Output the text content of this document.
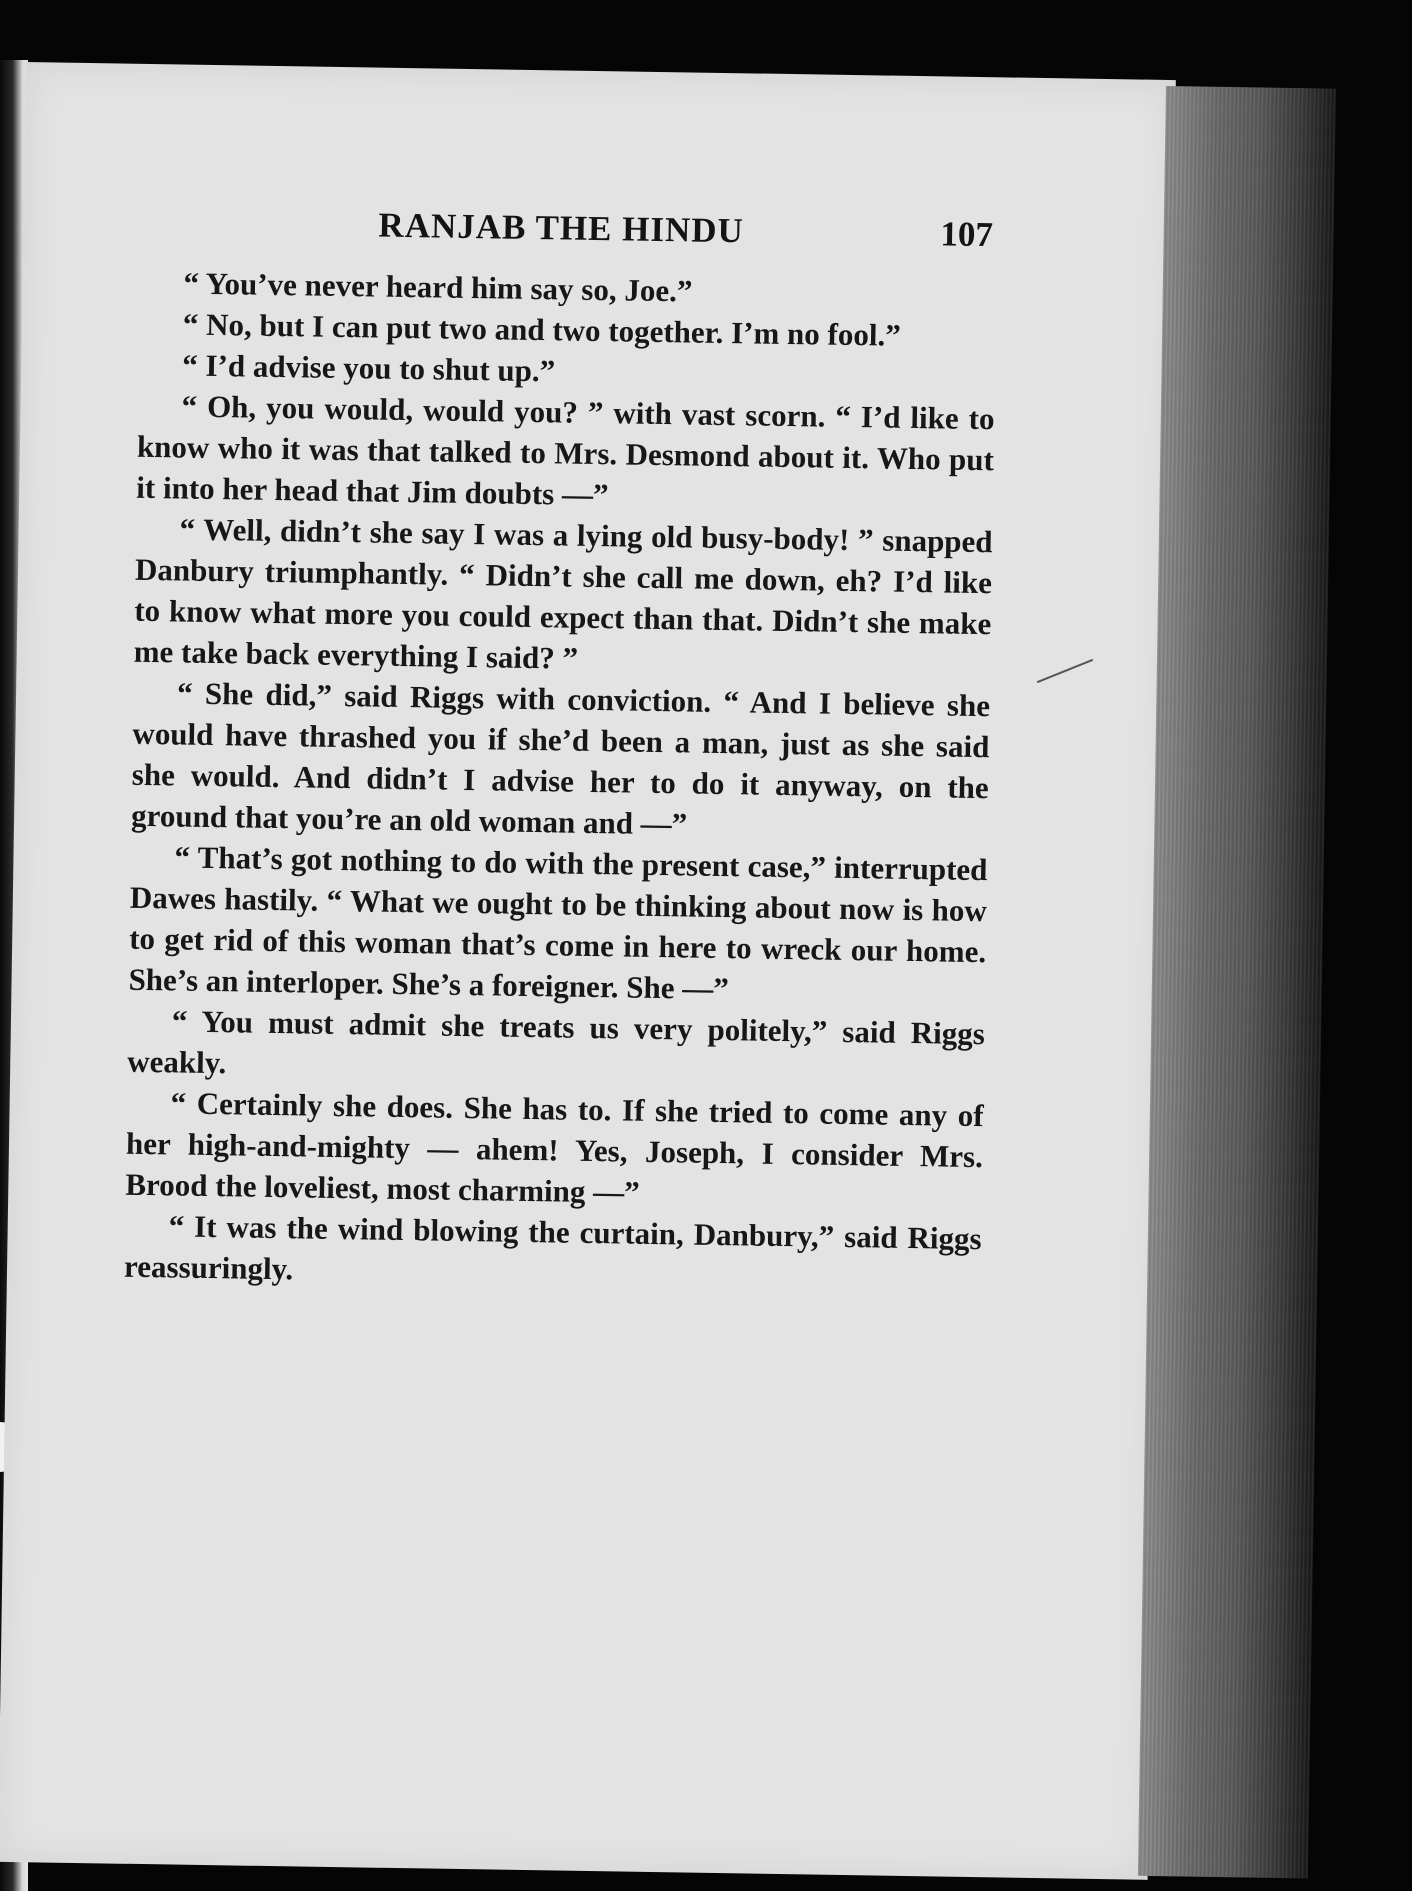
RANJAB THE HINDU	107

“ You’ve never heard him say so, Joe.”

“ No, but I can put two and two together. I’m no fool.”

“ I’d advise you to shut up.”

“ Oh, you would, would you? ” with vast scorn. “ I’d like to know who it was that talked to Mrs. Desmond about it. Who put it into her head that Jim doubts —”

“ Well, didn’t she say I was a lying old busy-body! ” snapped Danbury triumphantly. “ Didn’t she call me down, eh? I’d like to know what more you could expect than that. Didn’t she make me take back everything I said? ”

“ She did,” said Riggs with conviction. “ And I believe she would have thrashed you if she’d been a man, just as she said she would. And didn’t I advise her to do it anyway, on the ground that you’re an old woman and —”

“ That’s got nothing to do with the present case,” interrupted Dawes hastily. “ What we ought to be thinking about now is how to get rid of this woman that’s come in here to wreck our home. She’s an interloper. She’s a foreigner. She —”

“ You must admit she treats us very politely,” said Riggs weakly.

“ Certainly she does. She has to. If she tried to come any of her high-and-mighty — ahem! Yes, Joseph, I consider Mrs. Brood the loveliest, most charming —”

“ It was the wind blowing the curtain, Danbury,” said Riggs reassuringly.
